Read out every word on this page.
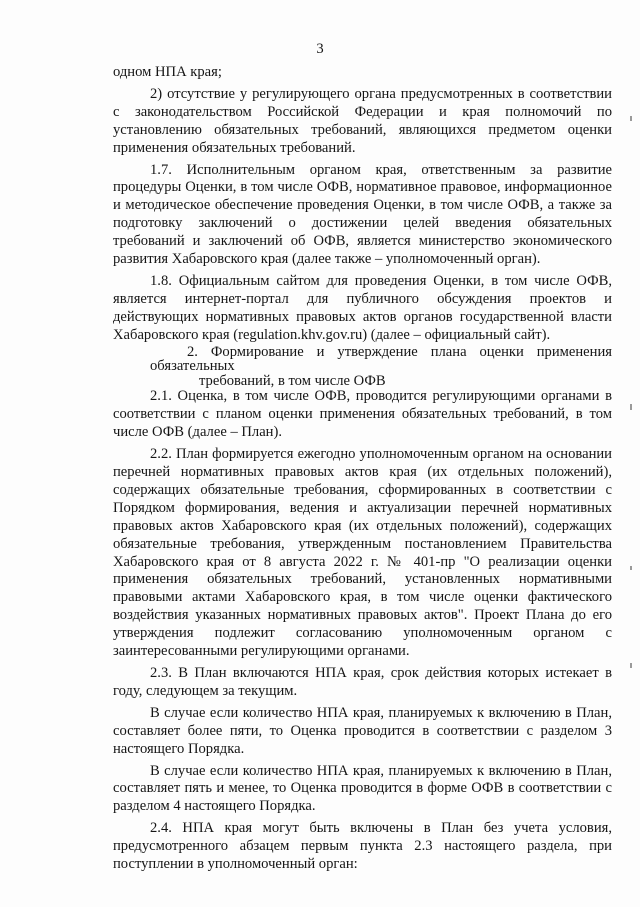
3

одном НПА края;

2) отсутствие у регулирующего органа предусмотренных в соответствии с законодательством Российской Федерации и края полномочий по установлению обязательных требований, являющихся предметом оценки применения обязательных требований.

1.7. Исполнительным органом края, ответственным за развитие процедуры Оценки, в том числе ОФВ, нормативное правовое, информационное и методическое обеспечение проведения Оценки, в том числе ОФВ, а также за подготовку заключений о достижении целей введения обязательных требований и заключений об ОФВ, является министерство экономического развития Хабаровского края (далее также – уполномоченный орган).

1.8. Официальным сайтом для проведения Оценки, в том числе ОФВ, является интернет-портал для публичного обсуждения проектов и действующих нормативных правовых актов органов государственной власти Хабаровского края (regulation.khv.gov.ru) (далее – официальный сайт).

2. Формирование и утверждение плана оценки применения обязательных
требований, в том числе ОФВ

2.1. Оценка, в том числе ОФВ, проводится регулирующими органами в соответствии с планом оценки применения обязательных требований, в том числе ОФВ (далее – План).

2.2. План формируется ежегодно уполномоченным органом на основании перечней нормативных правовых актов края (их отдельных положений), содержащих обязательные требования, сформированных в соответствии с Порядком формирования, ведения и актуализации перечней нормативных правовых актов Хабаровского края (их отдельных положений), содержащих обязательные требования, утвержденным постановлением Правительства Хабаровского края от 8 августа 2022 г. № 401-пр "О реализации оценки применения обязательных требований, установленных нормативными правовыми актами Хабаровского края, в том числе оценки фактического воздействия указанных нормативных правовых актов". Проект Плана до его утверждения подлежит согласованию уполномоченным органом с заинтересованными регулирующими органами.

2.3. В План включаются НПА края, срок действия которых истекает в году, следующем за текущим.

В случае если количество НПА края, планируемых к включению в План, составляет более пяти, то Оценка проводится в соответствии с разделом 3 настоящего Порядка.

В случае если количество НПА края, планируемых к включению в План, составляет пять и менее, то Оценка проводится в форме ОФВ в соответствии с разделом 4 настоящего Порядка.

2.4. НПА края могут быть включены в План без учета условия, предусмотренного абзацем первым пункта 2.3 настоящего раздела, при поступлении в уполномоченный орган:
